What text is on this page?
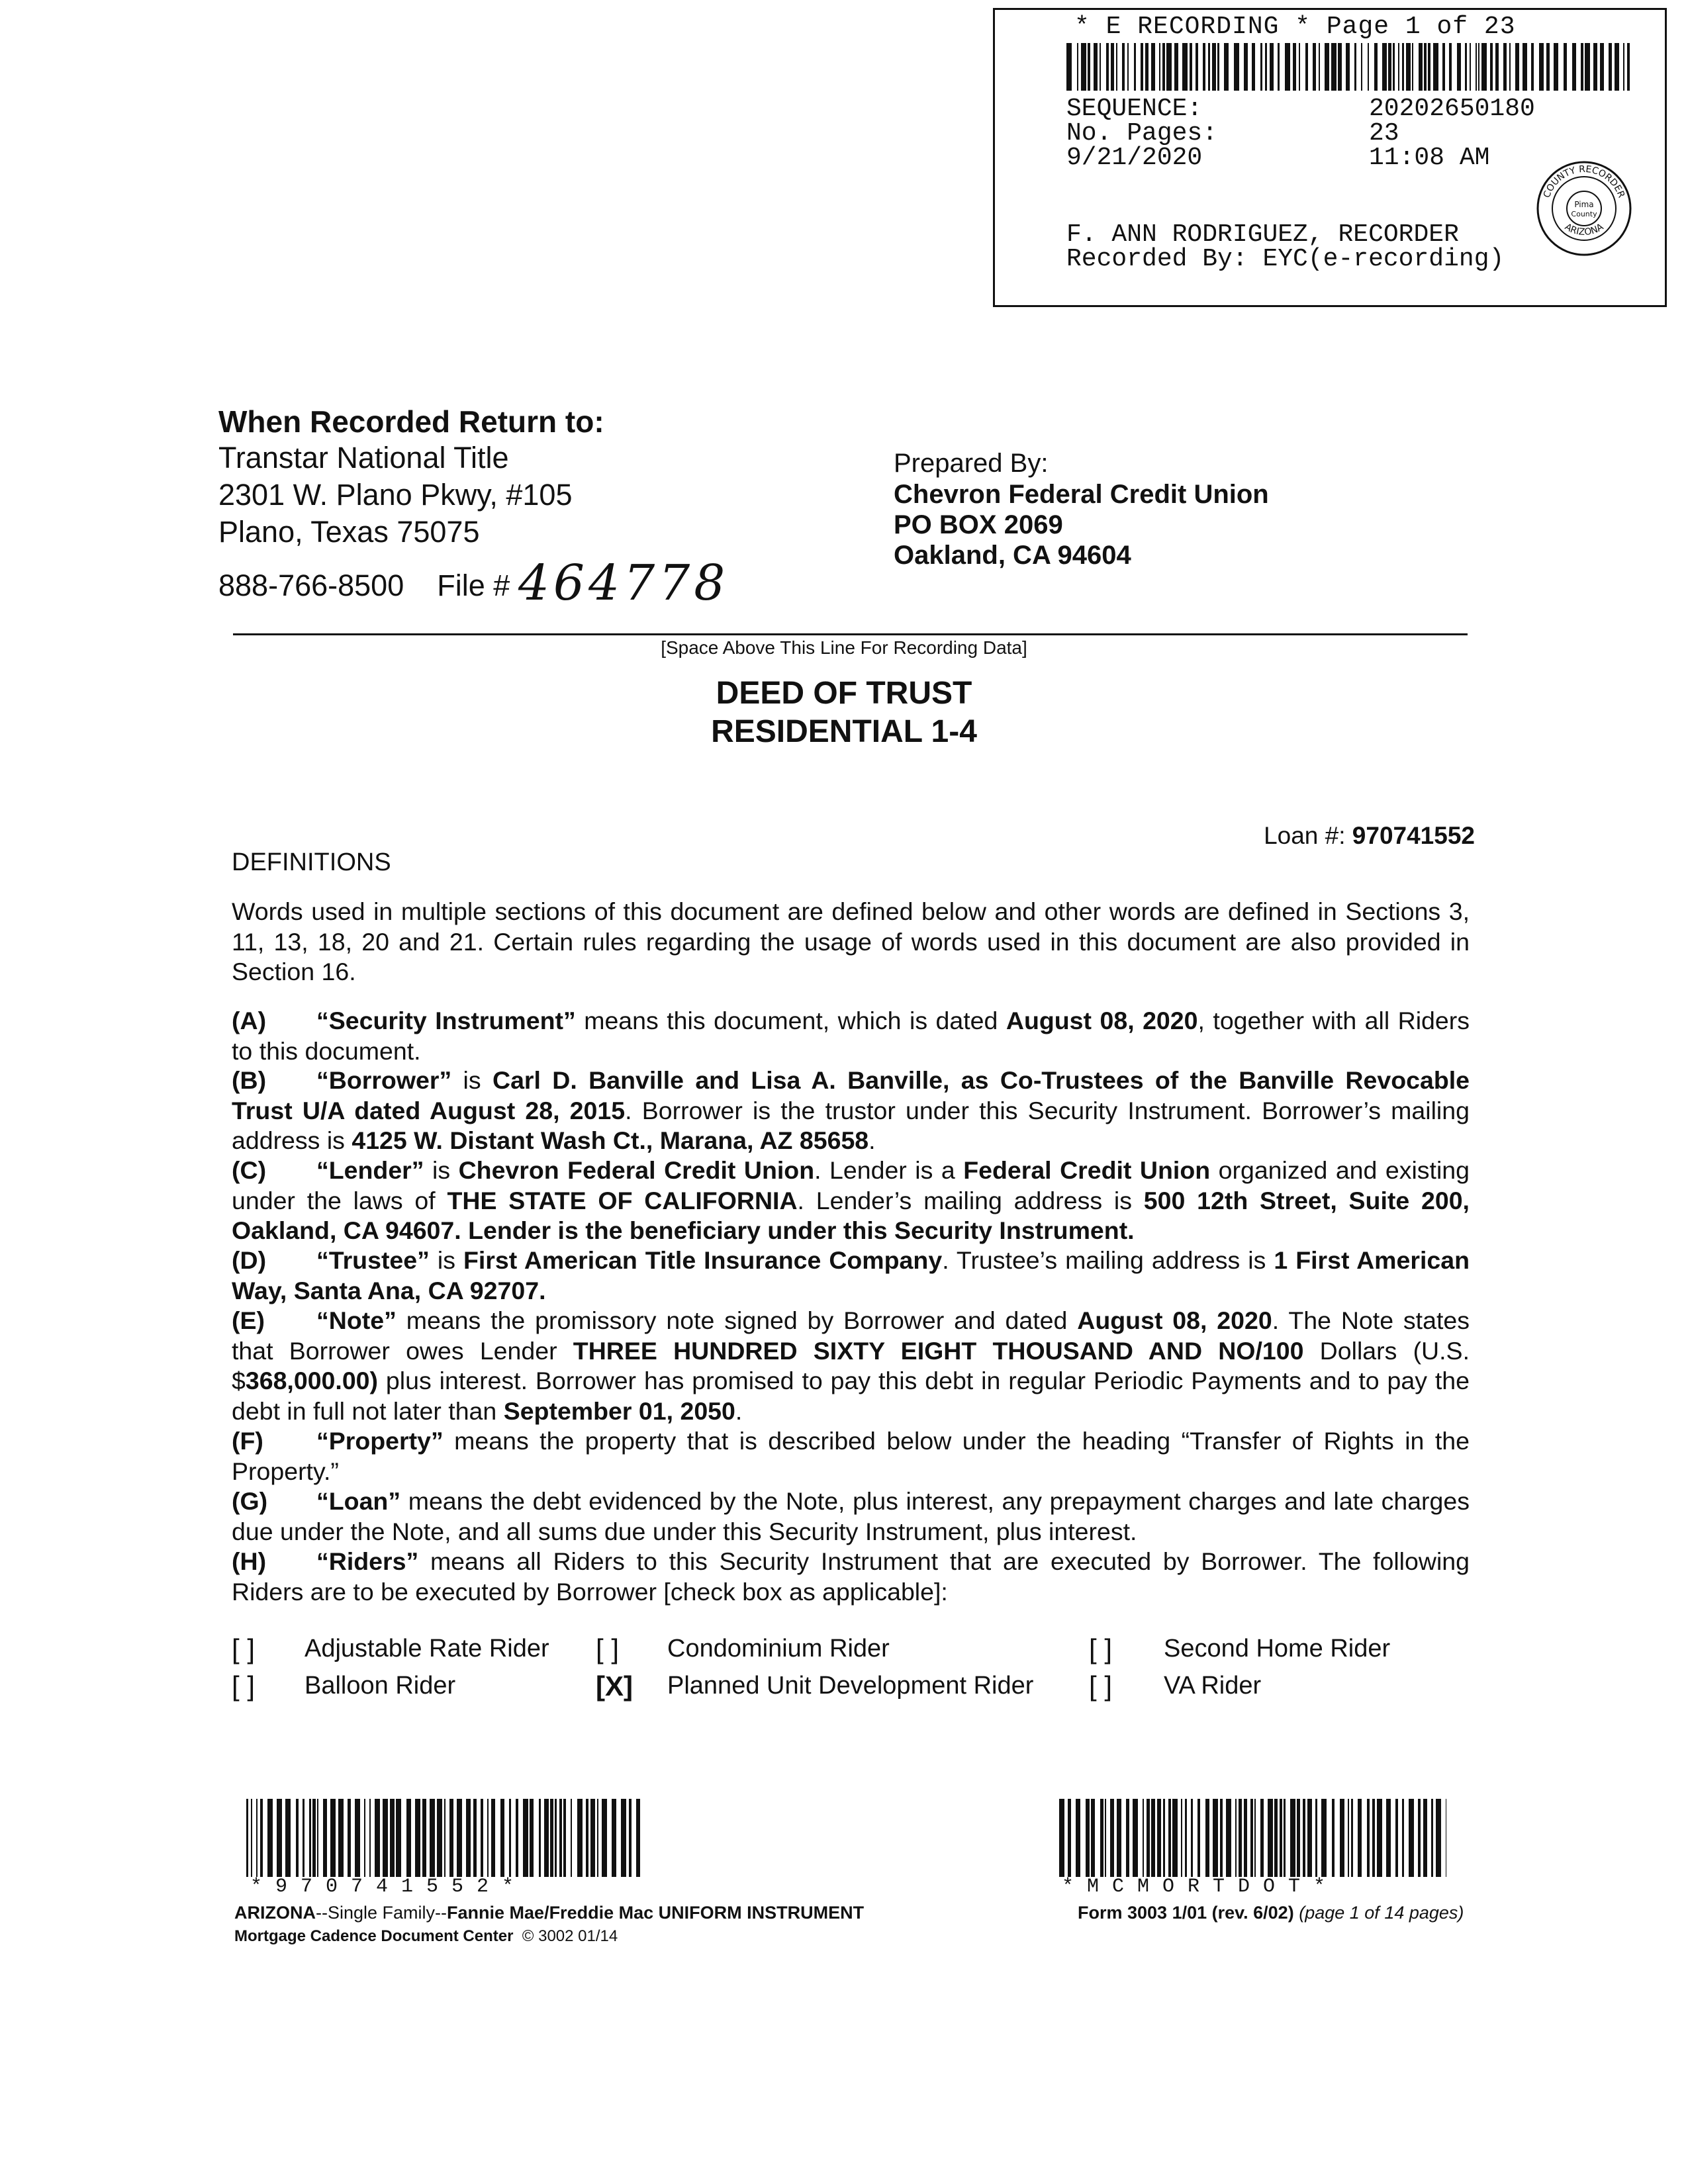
* E RECORDING * Page 1 of 23
SEQUENCE:	20202650180
No. Pages:	23
9/21/2020	11:08 AM
F. ANN RODRIGUEZ, RECORDER
Recorded By: EYC(e-recording)
COUNTY RECORDER
Pima
County
ARIZONA
When Recorded Return to:
Transtar National Title
2301 W. Plano Pkwy, #105
Plano, Texas 75075
888-766-8500 File # 464778
Prepared By:
Chevron Federal Credit Union
PO BOX 2069
Oakland, CA 94604
[Space Above This Line For Recording Data]
DEED OF TRUST
RESIDENTIAL 1-4
Loan #: 970741552
DEFINITIONS
Words used in multiple sections of this document are defined below and other words are defined in Sections 3, 11, 13, 18, 20 and 21. Certain rules regarding the usage of words used in this document are also provided in Section 16.
(A) “Security Instrument” means this document, which is dated August 08, 2020, together with all Riders to this document.
(B) “Borrower” is Carl D. Banville and Lisa A. Banville, as Co-Trustees of the Banville Revocable Trust U/A dated August 28, 2015. Borrower is the trustor under this Security Instrument. Borrower’s mailing address is 4125 W. Distant Wash Ct., Marana, AZ 85658.
(C) “Lender” is Chevron Federal Credit Union. Lender is a Federal Credit Union organized and existing under the laws of THE STATE OF CALIFORNIA. Lender’s mailing address is 500 12th Street, Suite 200, Oakland, CA 94607. Lender is the beneficiary under this Security Instrument.
(D) “Trustee” is First American Title Insurance Company. Trustee’s mailing address is 1 First American Way, Santa Ana, CA 92707.
(E) “Note” means the promissory note signed by Borrower and dated August 08, 2020. The Note states that Borrower owes Lender THREE HUNDRED SIXTY EIGHT THOUSAND AND NO/100 Dollars (U.S. $368,000.00) plus interest. Borrower has promised to pay this debt in regular Periodic Payments and to pay the debt in full not later than September 01, 2050.
(F) “Property” means the property that is described below under the heading “Transfer of Rights in the Property.”
(G) “Loan” means the debt evidenced by the Note, plus interest, any prepayment charges and late charges due under the Note, and all sums due under this Security Instrument, plus interest.
(H) “Riders” means all Riders to this Security Instrument that are executed by Borrower. The following Riders are to be executed by Borrower [check box as applicable]:
[ ] Adjustable Rate Rider [ ] Condominium Rider	[ ] Second Home Rider
[ ] Balloon Rider	[X] Planned Unit Development Rider [ ] VA Rider
* 9 7 0 7 4 1 5 5 2 *	* M C M O R T D O T *
ARIZONA--Single Family--Fannie Mae/Freddie Mac UNIFORM INSTRUMENT
Mortgage Cadence Document Center © 3002 01/14
Form 3003 1/01 (rev. 6/02) (page 1 of 14 pages)
